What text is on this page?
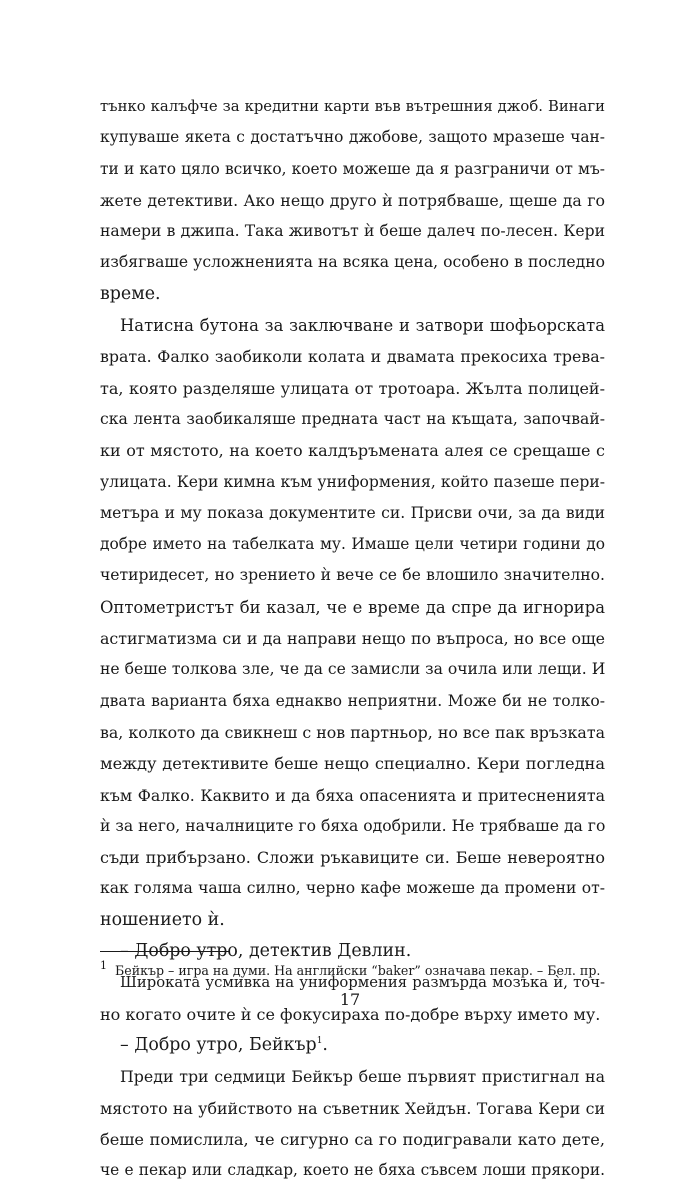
тънко калъфче за кредитни карти във вътрешния джоб. Винаги
купуваше якета с достатъчно джобове, защото мразеше чан-
ти и като цяло всичко, което можеше да я разграничи от мъ-
жете детективи. Ако нещо друго ѝ потрябваше, щеше да го
намери в джипа. Така животът ѝ беше далеч по-лесен. Кери
избягваше усложненията на всяка цена, особено в последно
време.
Натисна бутона за заключване и затвори шофьорската
врата. Фалко заобиколи колата и двамата прекосиха трева-
та, която разделяше улицата от тротоара. Жълта полицей-
ска лента заобикаляше предната част на къщата, започвай-
ки от мястото, на което калдъръмената алея се срещаше с
улицата. Кери кимна към униформения, който пазеше пери-
метъра и му показа документите си. Присви очи, за да види
добре името на табелката му. Имаше цели четири години до
четиридесет, но зрението ѝ вече се бе влошило значително.
Оптометристът би казал, че е време да спре да игнорира
астигматизма си и да направи нещо по въпроса, но все още
не беше толкова зле, че да се замисли за очила или лещи. И
двата варианта бяха еднакво неприятни. Може би не толко-
ва, колкото да свикнеш с нов партньор, но все пак връзката
между детективите беше нещо специално. Кери погледна
към Фалко. Каквито и да бяха опасенията и притесненията
ѝ за него, началниците го бяха одобрили. Не трябваше да го
съди прибързано. Сложи ръкавиците си. Беше невероятно
как голяма чаша силно, черно кафе можеше да промени от-
ношението ѝ.
– Добро утро, детектив Девлин.
Широката усмивка на униформения размърда мозъка ѝ, точ-
но когато очите ѝ се фокусираха по-добре върху името му.
– Добро утро, Бейкър$^1$.
Преди три седмици Бейкър беше първият пристигнал на
мястото на убийството на съветник Хейдън. Тогава Кери си
беше помислила, че сигурно са го подигравали като дете,
че е пекар или сладкар, което не бяха съвсем лоши прякори.
1 Бейкър – игра на думи. На английски “baker” означава пекар. – Бел. пр.
17
